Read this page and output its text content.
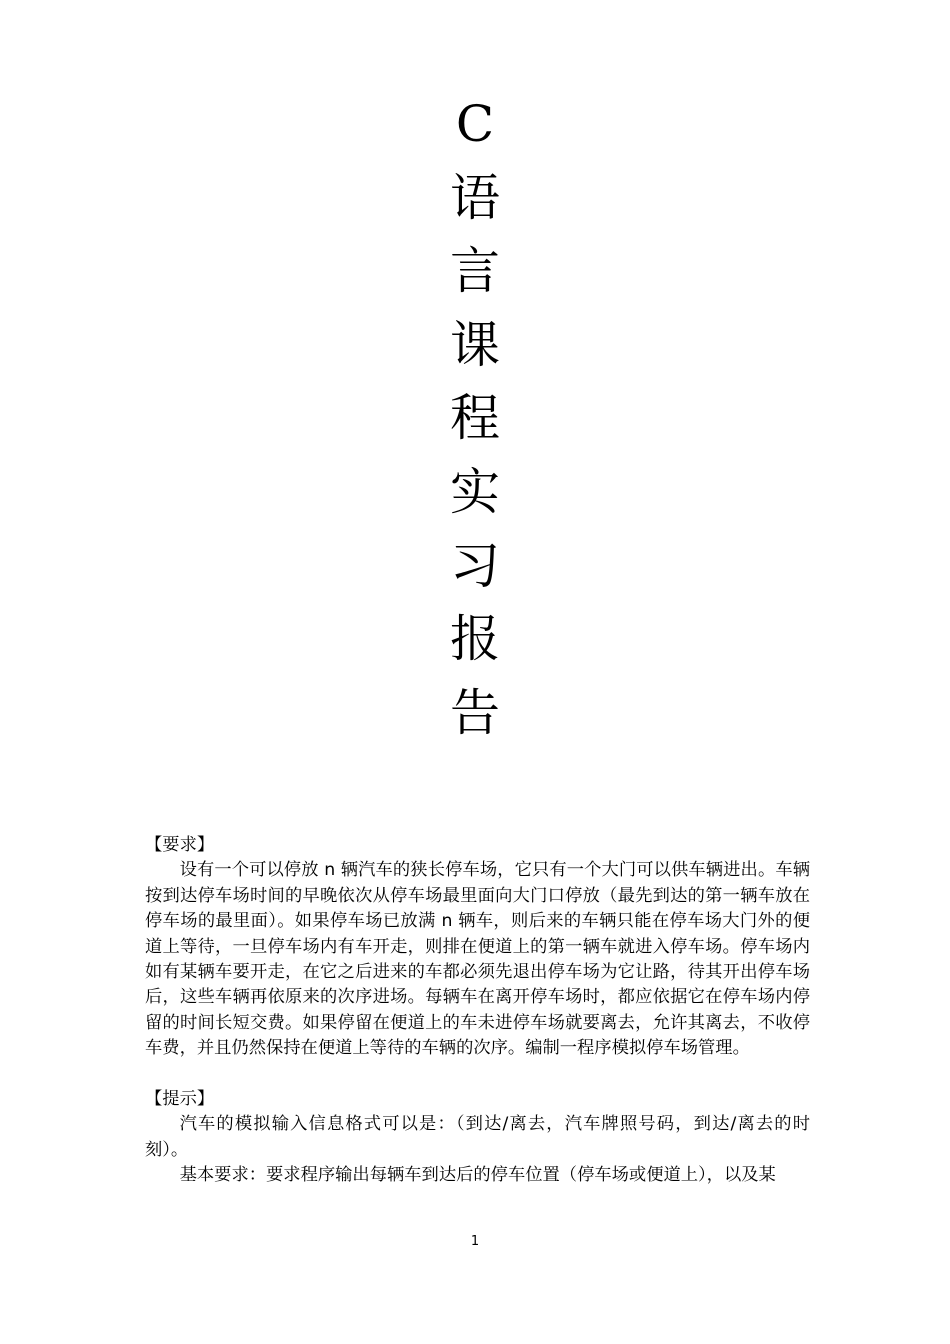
C
语
言
课
程
实
习
报
告
【要求】

设有一个可以停放 n 辆汽车的狭长停车场，它只有一个大门可以供车辆进出。车辆按到达停车场时间的早晚依次从停车场最里面向大门口停放（最先到达的第一辆车放在停车场的最里面）。如果停车场已放满 n 辆车，则后来的车辆只能在停车场大门外的便道上等待，一旦停车场内有车开走，则排在便道上的第一辆车就进入停车场。停车场内如有某辆车要开走，在它之后进来的车都必须先退出停车场为它让路，待其开出停车场后，这些车辆再依原来的次序进场。每辆车在离开停车场时，都应依据它在停车场内停留的时间长短交费。如果停留在便道上的车未进停车场就要离去，允许其离去，不收停车费，并且仍然保持在便道上等待的车辆的次序。编制一程序模拟停车场管理。

【提示】

汽车的模拟输入信息格式可以是：（到达/离去，汽车牌照号码，到达/离去的时刻）。

基本要求：要求程序输出每辆车到达后的停车位置（停车场或便道上），以及某

1
